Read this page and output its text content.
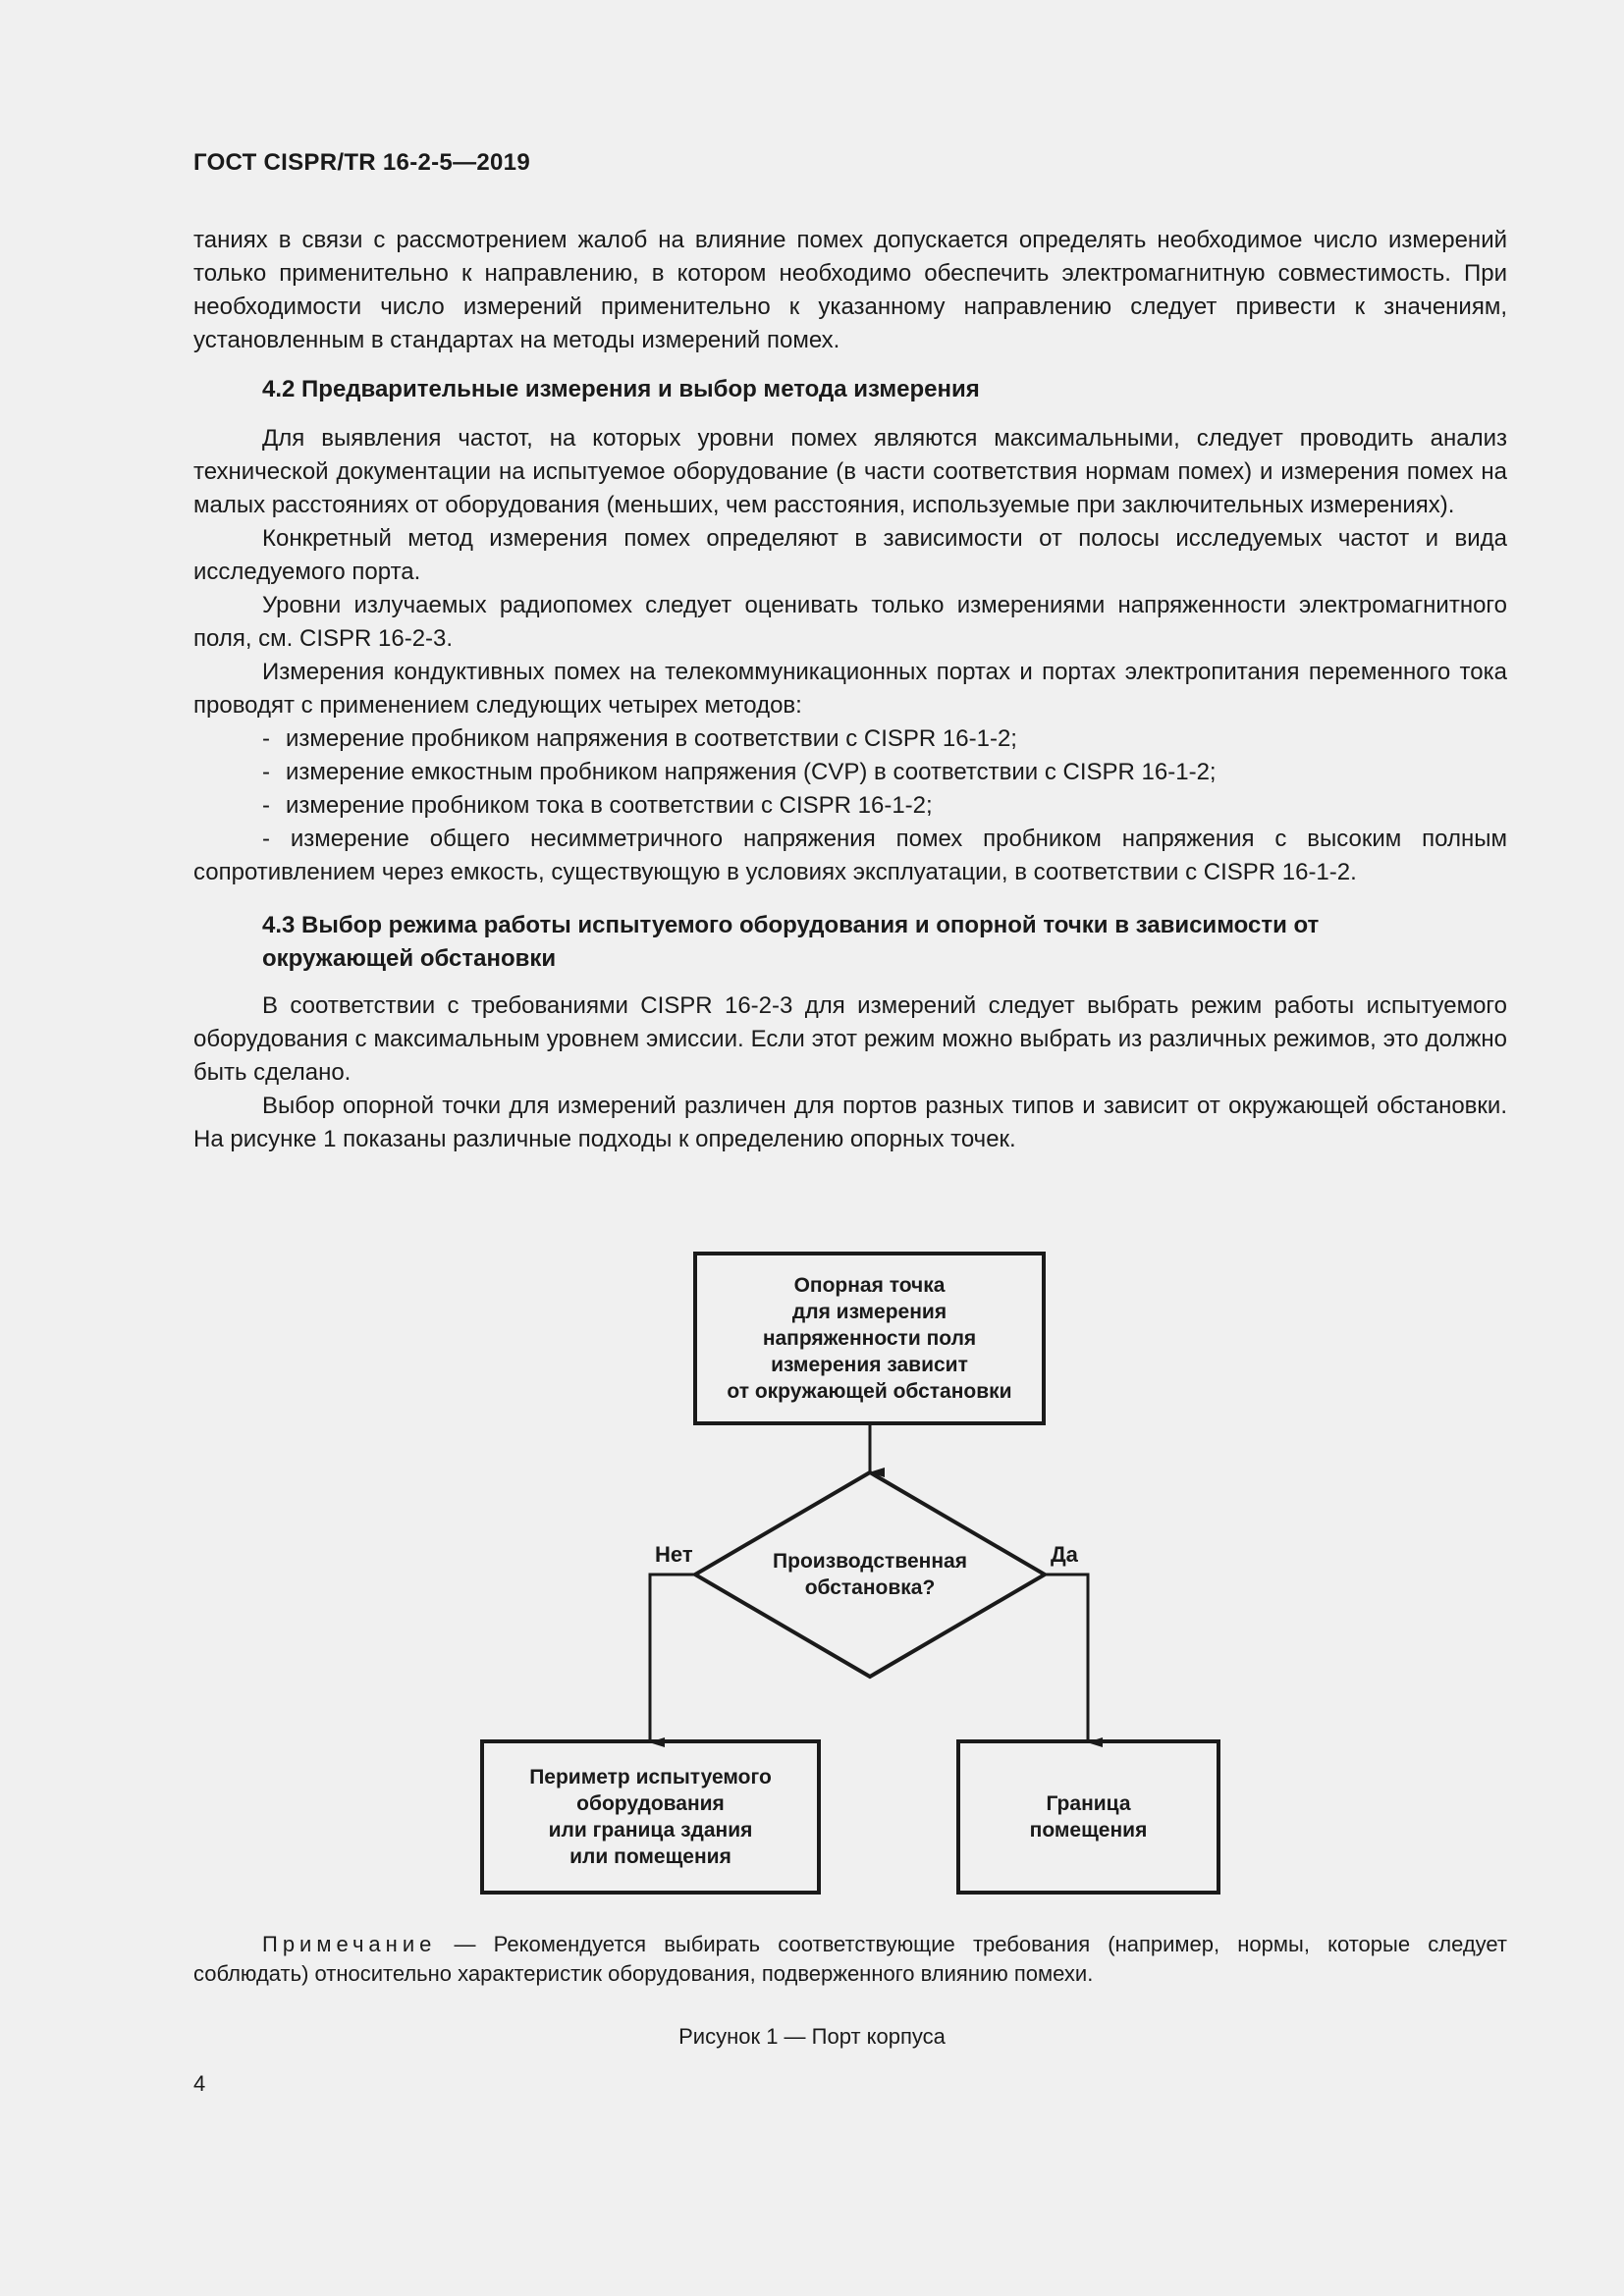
ГОСТ CISPR/TR 16-2-5—2019

таниях в связи с рассмотрением жалоб на влияние помех допускается определять необходимое число измерений только применительно к направлению, в котором необходимо обеспечить электромагнитную совместимость. При необходимости число измерений применительно к указанному направлению следует привести к значениям, установленным в стандартах на методы измерений помех.

4.2 Предварительные измерения и выбор метода измерения

Для выявления частот, на которых уровни помех являются максимальными, следует проводить анализ технической документации на испытуемое оборудование (в части соответствия нормам помех) и измерения помех на малых расстояниях от оборудования (меньших, чем расстояния, используемые при заключительных измерениях).

Конкретный метод измерения помех определяют в зависимости от полосы исследуемых частот и вида исследуемого порта.

Уровни излучаемых радиопомех следует оценивать только измерениями напряженности электромагнитного поля, см. CISPR 16-2-3.

Измерения кондуктивных помех на телекоммуникационных портах и портах электропитания переменного тока проводят с применением следующих четырех методов:

- измерение пробником напряжения в соответствии с CISPR 16-1-2;
- измерение емкостным пробником напряжения (CVP) в соответствии с CISPR 16-1-2;
- измерение пробником тока в соответствии с CISPR 16-1-2;

- измерение общего несимметричного напряжения помех пробником напряжения с высоким полным сопротивлением через емкость, существующую в условиях эксплуатации, в соответствии с CISPR 16-1-2.

4.3 Выбор режима работы испытуемого оборудования и опорной точки в зависимости от окружающей обстановки

В соответствии с требованиями CISPR 16-2-3 для измерений следует выбрать режим работы испытуемого оборудования с максимальным уровнем эмиссии. Если этот режим можно выбрать из различных режимов, это должно быть сделано.

Выбор опорной точки для измерений различен для портов разных типов и зависит от окружающей обстановки. На рисунке 1 показаны различные подходы к определению опорных точек.

Опорная точка
для измерения
напряженности поля
измерения зависит
от окружающей обстановки
Производственная
обстановка?
Нет	Да
Периметр испытуемого
оборудования
или граница здания
или помещения
Граница
помещения
Примечание — Рекомендуется выбирать соответствующие требования (например, нормы, которые следует соблюдать) относительно характеристик оборудования, подверженного влиянию помехи.
Рисунок 1 — Порт корпуса
4
